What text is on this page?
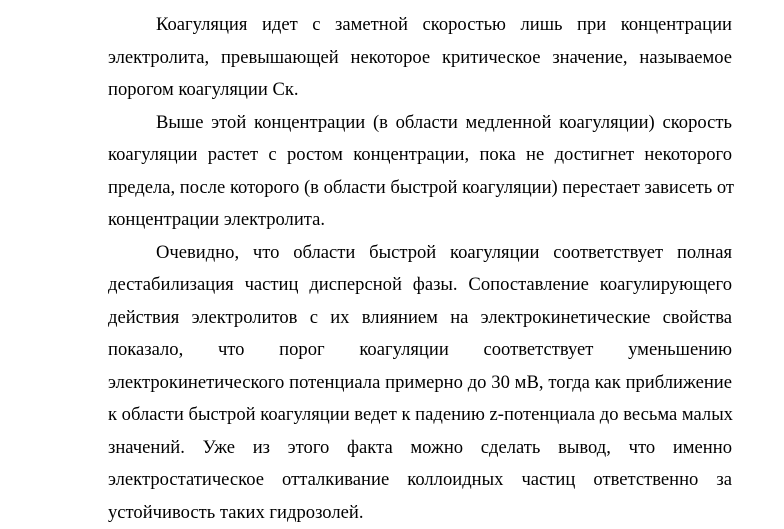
Коагуляция идет с заметной скоростью лишь при концентрации
электролита, превышающей некоторое критическое значение, называемое
порогом коагуляции Ск.
Выше этой концентрации (в области медленной коагуляции) скорость
коагуляции растет с ростом концентрации, пока не достигнет некоторого
предела, после которого (в области быстрой коагуляции) перестает зависеть от
концентрации электролита.
Очевидно, что области быстрой коагуляции соответствует полная
дестабилизация частиц дисперсной фазы. Сопоставление коагулирующего
действия электролитов с их влиянием на электрокинетические свойства
показало, что порог коагуляции соответствует уменьшению
электрокинетического потенциала примерно до 30 мВ, тогда как приближение
к области быстрой коагуляции ведет к падению z-потенциала до весьма малых
значений. Уже из этого факта можно сделать вывод, что именно
электростатическое отталкивание коллоидных частиц ответственно за
устойчивость таких гидрозолей.
